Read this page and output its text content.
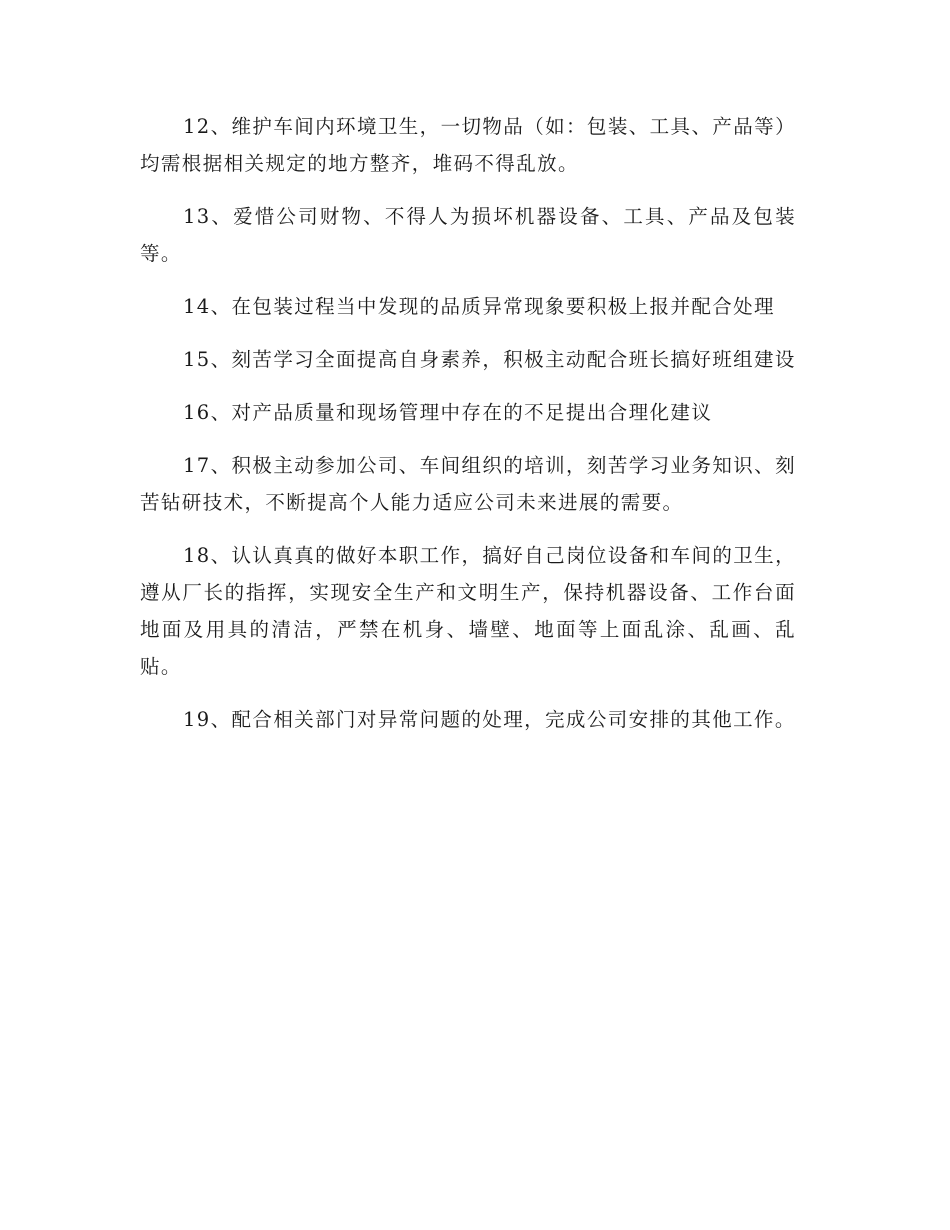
12、维护车间内环境卫生，一切物品（如：包装、工具、产品等）均需根据相关规定的地方整齐，堆码不得乱放。

13、爱惜公司财物、不得人为损坏机器设备、工具、产品及包装等。

14、在包装过程当中发现的品质异常现象要积极上报并配合处理

15、刻苦学习全面提高自身素养，积极主动配合班长搞好班组建设

16、对产品质量和现场管理中存在的不足提出合理化建议

17、积极主动参加公司、车间组织的培训，刻苦学习业务知识、刻苦钻研技术，不断提高个人能力适应公司未来进展的需要。

18、认认真真的做好本职工作，搞好自己岗位设备和车间的卫生，遵从厂长的指挥，实现安全生产和文明生产，保持机器设备、工作台面地面及用具的清洁，严禁在机身、墙壁、地面等上面乱涂、乱画、乱贴。

19、配合相关部门对异常问题的处理，完成公司安排的其他工作。
